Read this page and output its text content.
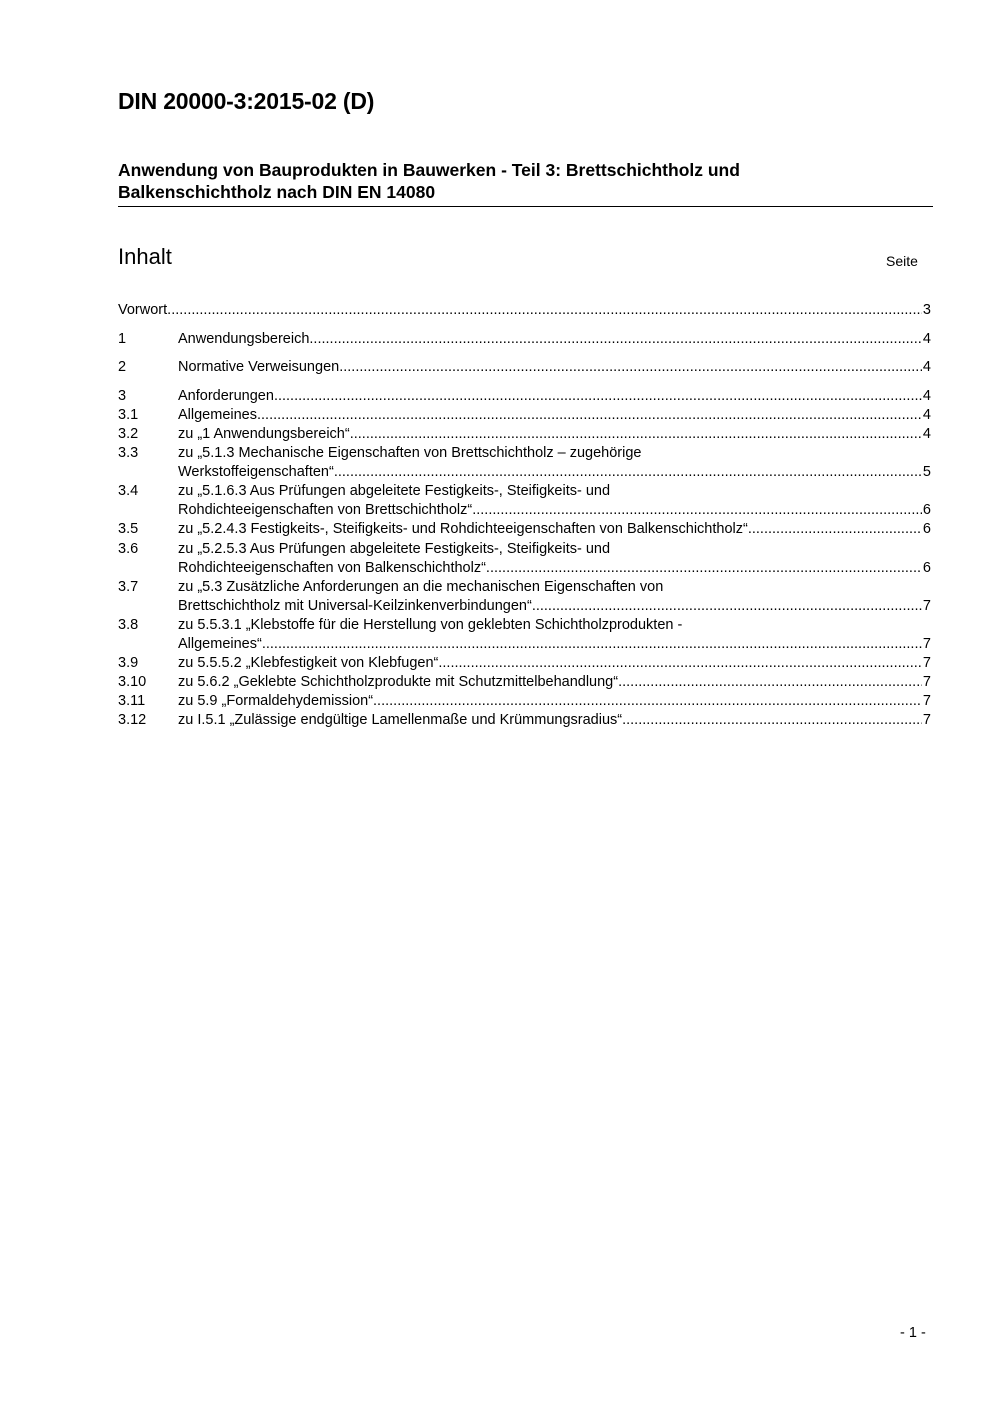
DIN 20000-3:2015-02 (D)
Anwendung von Bauprodukten in Bauwerken - Teil 3: Brettschichtholz und
Balkenschichtholz nach DIN EN 14080
Inhalt	Seite
Vorwort .....	3
1	Anwendungsbereich .....	4
2	Normative Verweisungen .....	4
3	Anforderungen .....	4
3.1	Allgemeines .....	4
3.2	zu „1 Anwendungsbereich“ .....	4
3.3	zu „5.1.3 Mechanische Eigenschaften von Brettschichtholz – zugehörige
Werkstoffeigenschaften“ .....	5
3.4	zu „5.1.6.3 Aus Prüfungen abgeleitete Festigkeits-, Steifigkeits- und
Rohdichteeigenschaften von Brettschichtholz“ .....	6
3.5	zu „5.2.4.3 Festigkeits-, Steifigkeits- und Rohdichteeigenschaften von Balkenschichtholz“ .....	6
3.6	zu „5.2.5.3 Aus Prüfungen abgeleitete Festigkeits-, Steifigkeits- und
Rohdichteeigenschaften von Balkenschichtholz“ .....	6
3.7	zu „5.3 Zusätzliche Anforderungen an die mechanischen Eigenschaften von
Brettschichtholz mit Universal-Keilzinkenverbindungen“ .....	7
3.8	zu 5.5.3.1 „Klebstoffe für die Herstellung von geklebten Schichtholzprodukten -
Allgemeines“ .....	7
3.9	zu 5.5.5.2 „Klebfestigkeit von Klebfugen“ .....	7
3.10	zu 5.6.2 „Geklebte Schichtholzprodukte mit Schutzmittelbehandlung“ .....	7
3.11	zu 5.9 „Formaldehydemission“ .....	7
3.12	zu I.5.1 „Zulässige endgültige Lamellenmaße und Krümmungsradius“ .....	7
- 1 -
